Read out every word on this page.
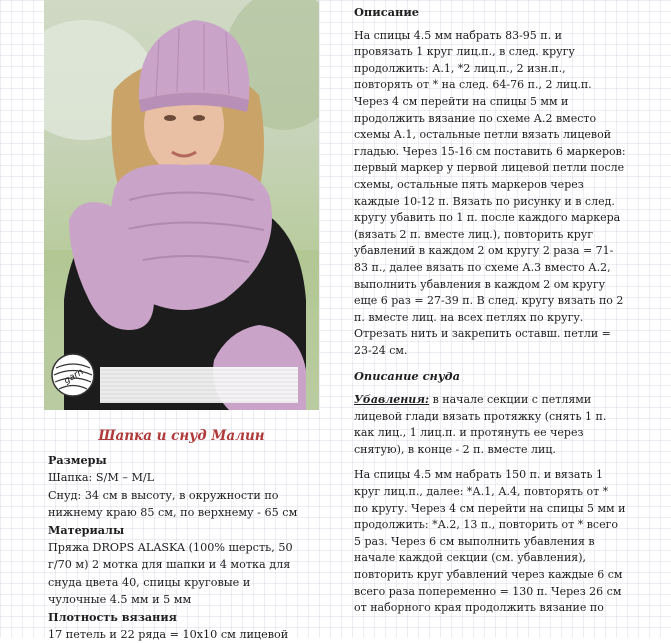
garn
Шапка и снуд Малин
Размеры
Шапка: S/M – M/L
Снуд: 34 см в высоту, в окружности по
нижнему краю 85 см, по верхнему - 65 см
Материалы
Пряжа DROPS ALASKA (100% шерсть, 50
г/70 м) 2 мотка для шапки и 4 мотка для
снуда цвета 40, спицы круговые и
чулочные 4.5 мм и 5 мм
Плотность вязания
17 петель и 22 ряда = 10x10 см лицевой
Описание
На спицы 4.5 мм набрать 83-95 п. и
провязать 1 круг лиц.п., в след. кругу
продолжить: А.1, *2 лиц.п., 2 изн.п.,
повторять от * на след. 64-76 п., 2 лиц.п.
Через 4 см перейти на спицы 5 мм и
продолжить вязание по схеме А.2 вместо
схемы А.1, остальные петли вязать лицевой
гладью. Через 15-16 см поставить 6 маркеров:
первый маркер у первой лицевой петли после
схемы, остальные пять маркеров через
каждые 10-12 п. Вязать по рисунку и в след.
кругу убавить по 1 п. после каждого маркера
(вязать 2 п. вместе лиц.), повторить круг
убавлений в каждом 2 ом кругу 2 раза = 71-
83 п., далее вязать по схеме А.3 вместо А.2,
выполнить убавления в каждом 2 ом кругу
еще 6 раз = 27-39 п. В след. кругу вязать по 2
п. вместе лиц. на всех петлях по кругу.
Отрезать нить и закрепить оставш. петли =
23-24 см.
Описание снуда
Убавления: в начале секции с петлями
лицевой глади вязать протяжку (снять 1 п.
как лиц., 1 лиц.п. и протянуть ее через
снятую), в конце - 2 п. вместе лиц.
На спицы 4.5 мм набрать 150 п. и вязать 1
круг лиц.п., далее: *А.1, А.4, повторять от *
по кругу. Через 4 см перейти на спицы 5 мм и
продолжить: *А.2, 13 п., повторить от * всего
5 раз. Через 6 см выполнить убавления в
начале каждой секции (см. убавления),
повторить круг убавлений через каждые 6 см
всего раза попеременно = 130 п. Через 26 см
от наборного края продолжить вязание по
